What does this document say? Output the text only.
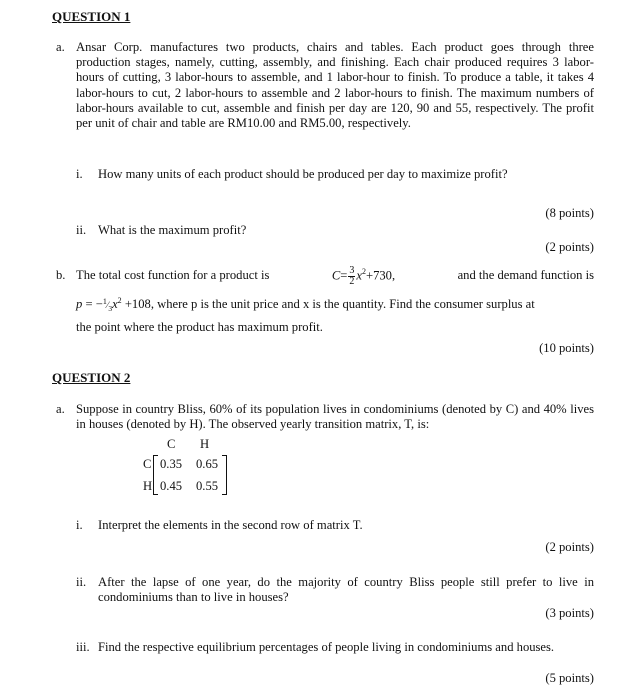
QUESTION 1
a. Ansar Corp. manufactures two products, chairs and tables. Each product goes through three production stages, namely, cutting, assembly, and finishing. Each chair produced requires 3 labor-hours of cutting, 3 labor-hours to assemble, and 1 labor-hour to finish. To produce a table, it takes 4 labor-hours to cut, 2 labor-hours to assemble and 2 labor-hours to finish. The maximum numbers of labor-hours available to cut, assemble and finish per day are 120, 90 and 55, respectively. The profit per unit of chair and table are RM10.00 and RM5.00, respectively.
i. How many units of each product should be produced per day to maximize profit?
(8 points)
ii. What is the maximum profit?
(2 points)
b. The total cost function for a product is	$C= \frac{3}{2} x^2+730$,	and the demand function is
$p = -^1⁄_3x^2 +108$, where p is the unit price and x is the quantity. Find the consumer surplus at
the point where the product has maximum profit.
(10 points)
QUESTION 2
a. Suppose in country Bliss, 60% of its population lives in condominiums (denoted by C) and 40% lives in houses (denoted by H). The observed yearly transition matrix, T, is:
C H
C
H
0.35 0.65
0.45 0.55
i. Interpret the elements in the second row of matrix T.
(2 points)
ii. After the lapse of one year, do the majority of country Bliss people still prefer to live in condominiums than to live in houses?
(3 points)
iii. Find the respective equilibrium percentages of people living in condominiums and houses.
(5 points)
